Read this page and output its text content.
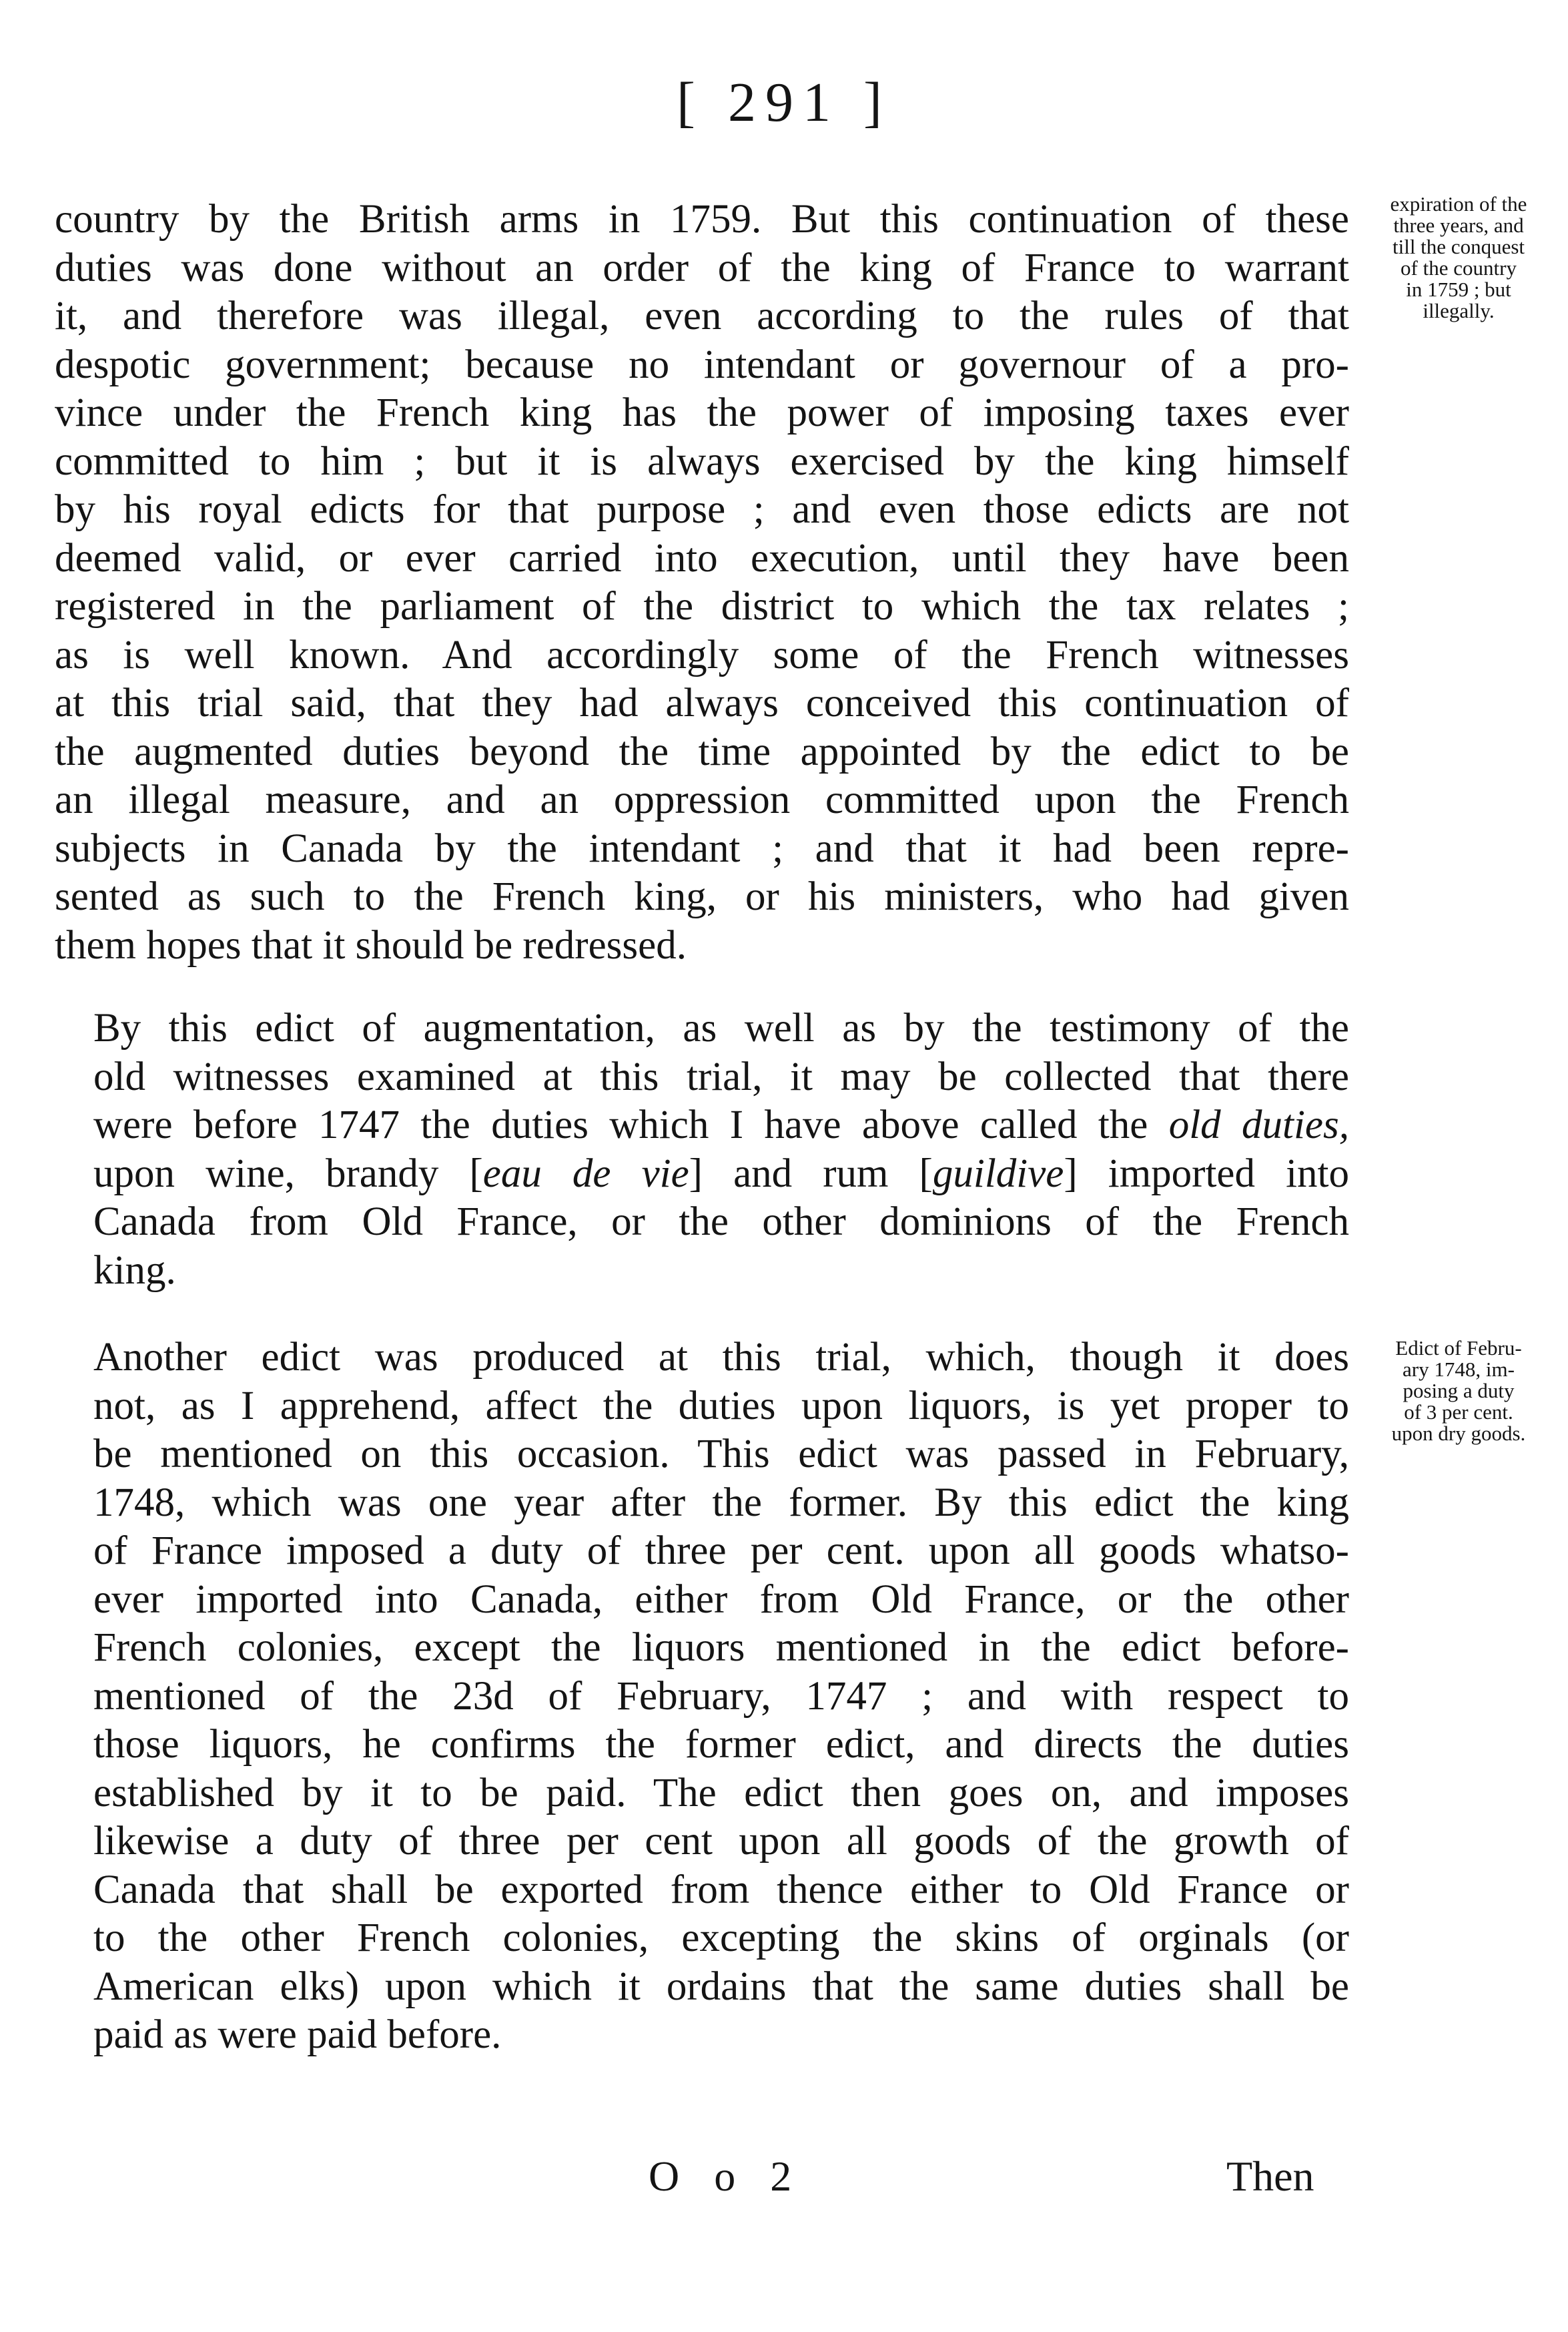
[ 291 ]
country by the British arms in 1759. But this continuation of these
duties was done without an order of the king of France to warrant
it, and therefore was illegal, even according to the rules of that
despotic government; because no intendant or governour of a pro-
vince under the French king has the power of imposing taxes ever
committed to him ; but it is always exercised by the king himself
by his royal edicts for that purpose ; and even those edicts are not
deemed valid, or ever carried into execution, until they have been
registered in the parliament of the district to which the tax relates ;
as is well known. And accordingly some of the French witnesses
at this trial said, that they had always conceived this continuation of
the augmented duties beyond the time appointed by the edict to be
an illegal measure, and an oppression committed upon the French
subjects in Canada by the intendant ; and that it had been repre-
sented as such to the French king, or his ministers, who had given
them hopes that it should be redressed.
By this edict of augmentation, as well as by the testimony of the
old witnesses examined at this trial, it may be collected that there
were before 1747 the duties which I have above called the old duties,
upon wine, brandy [eau de vie] and rum [guildive] imported into
Canada from Old France, or the other dominions of the French
king.
Another edict was produced at this trial, which, though it does
not, as I apprehend, affect the duties upon liquors, is yet proper to
be mentioned on this occasion. This edict was passed in February,
1748, which was one year after the former. By this edict the king
of France imposed a duty of three per cent. upon all goods whatso-
ever imported into Canada, either from Old France, or the other
French colonies, except the liquors mentioned in the edict before-
mentioned of the 23d of February, 1747 ; and with respect to
those liquors, he confirms the former edict, and directs the duties
established by it to be paid. The edict then goes on, and imposes
likewise a duty of three per cent upon all goods of the growth of
Canada that shall be exported from thence either to Old France or
to the other French colonies, excepting the skins of orginals (or
American elks) upon which it ordains that the same duties shall be
paid as were paid before.
expiration of the
three years, and
till the conquest
of the country
in 1759 ; but
illegally.
Edict of Febru-
ary 1748, im-
posing a duty
of 3 per cent.
upon dry goods.
O o 2	Then
